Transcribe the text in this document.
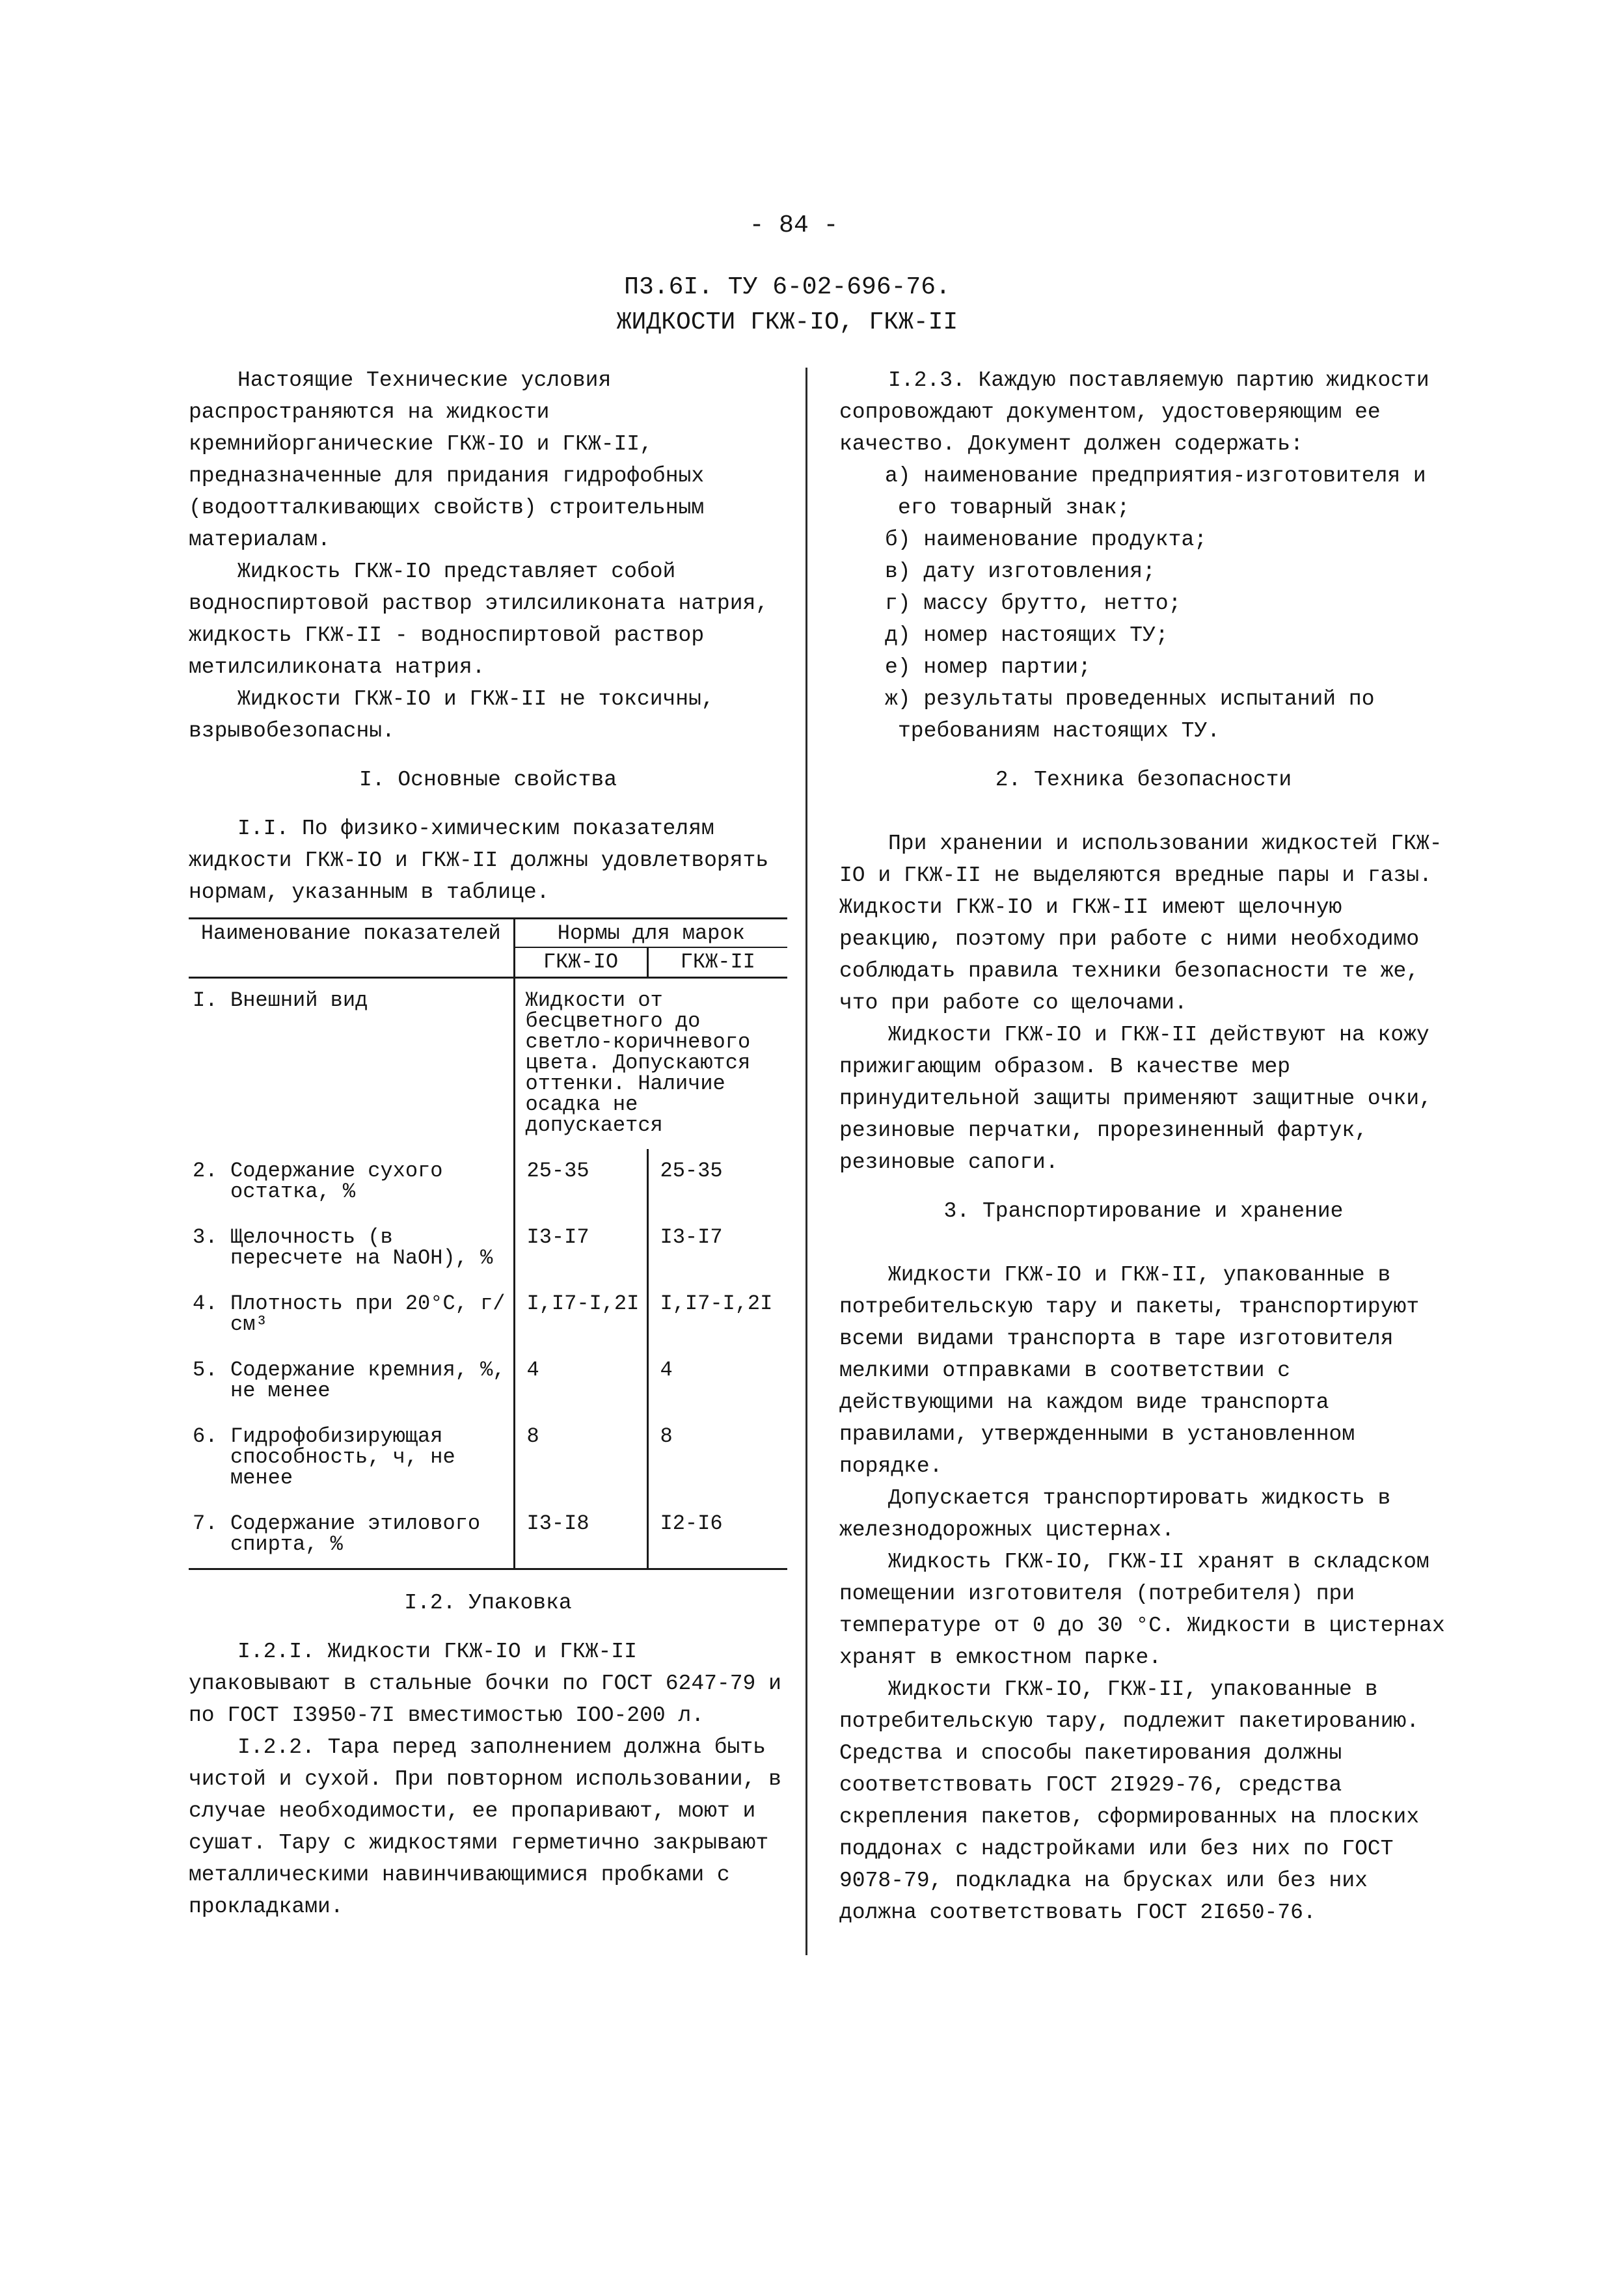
- 84 -
П3.6I. ТУ 6-02-696-76.
ЖИДКОСТИ ГКЖ-IO, ГКЖ-II

Настоящие Технические условия распространяются на жидкости кремнийорганические ГКЖ-IO и ГКЖ-II, предназначенные для придания гидрофобных (водоотталкивающих свойств) строительным материалам.

Жидкость ГКЖ-IO представляет собой водноспиртовой раствор этилсиликоната натрия, жидкость ГКЖ-II - водноспиртовой раствор метилсиликоната натрия.

Жидкости ГКЖ-IO и ГКЖ-II не токсичны, взрывобезопасны.

I. Основные свойства

I.I. По физико-химическим показателям жидкости ГКЖ-IO и ГКЖ-II должны удовлетворять нормам, указанным в таблице.

Наименование показателей	Нормы для марок	
	ГКЖ-IO	ГКЖ-II

I. Внешний вид	Жидкости от бесцветного до светло-коричневого цвета. Допускаются оттенки. Наличие осадка не допускается	

2. Содержание сухого остатка, %	25-35	25-35

3. Щелочность (в пересчете на NaOH), %	I3-I7	I3-I7

4. Плотность при 20°С, г/см³	I,I7-I,2I	I,I7-I,2I

5. Содержание кремния, %, не менее	4	4

6. Гидрофобизирующая способность, ч, не менее	8	8

7. Содержание этилового спирта, %	I3-I8	I2-I6

I.2. Упаковка

I.2.I. Жидкости ГКЖ-IO и ГКЖ-II упаковывают в стальные бочки по ГОСТ 6247-79 и по ГОСТ I3950-7I вместимостью IOO-200 л.

I.2.2. Тара перед заполнением должна быть чистой и сухой. При повторном использовании, в случае необходимости, ее пропаривают, моют и сушат. Тару с жидкостями герметично закрывают металлическими навинчивающимися пробками с прокладками.

I.2.3. Каждую поставляемую партию жидкости сопровождают документом, удостоверяющим ее качество. Документ должен содержать:

а) наименование предприятия-изготовителя и его товарный знак;
б) наименование продукта;
в) дату изготовления;
г) массу брутто, нетто;
д) номер настоящих ТУ;
е) номер партии;
ж) результаты проведенных испытаний по требованиям настоящих ТУ.

2. Техника безопасности

При хранении и использовании жидкостей ГКЖ-IO и ГКЖ-II не выделяются вредные пары и газы. Жидкости ГКЖ-IO и ГКЖ-II имеют щелочную реакцию, поэтому при работе с ними необходимо соблюдать правила техники безопасности те же, что при работе со щелочами.

Жидкости ГКЖ-IO и ГКЖ-II действуют на кожу прижигающим образом. В качестве мер принудительной защиты применяют защитные очки, резиновые перчатки, прорезиненный фартук, резиновые сапоги.

3. Транспортирование и хранение

Жидкости ГКЖ-IO и ГКЖ-II, упакованные в потребительскую тару и пакеты, транспортируют всеми видами транспорта в таре изготовителя мелкими отправками в соответствии с действующими на каждом виде транспорта правилами, утвержденными в установленном порядке.

Допускается транспортировать жидкость в железнодорожных цистернах.

Жидкость ГКЖ-IO, ГКЖ-II хранят в складском помещении изготовителя (потребителя) при температуре от 0 до 30 °С. Жидкости в цистернах хранят в емкостном парке.

Жидкости ГКЖ-IO, ГКЖ-II, упакованные в потребительскую тару, подлежит пакетированию. Средства и способы пакетирования должны соответствовать ГОСТ 2I929-76, средства скрепления пакетов, сформированных на плоских поддонах с надстройками или без них по ГОСТ 9078-79, подкладка на брусках или без них должна соответствовать ГОСТ 2I650-76.
